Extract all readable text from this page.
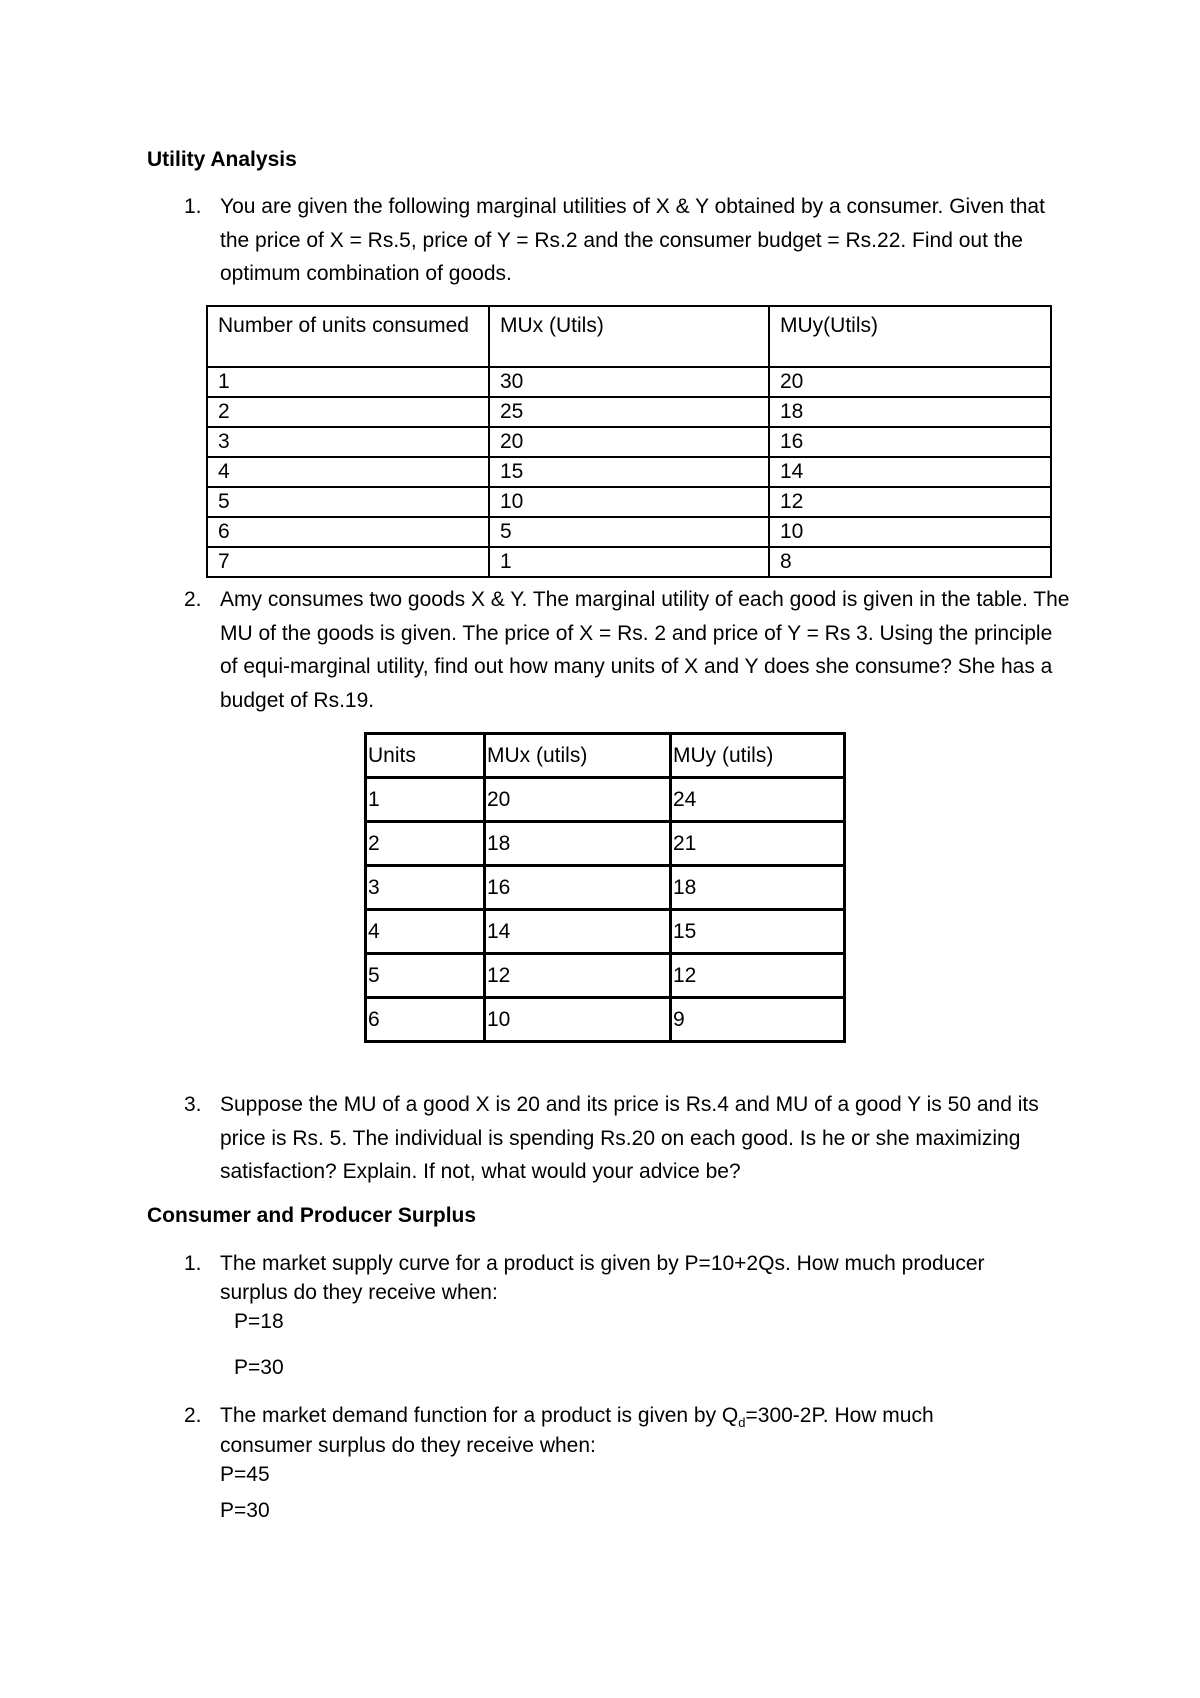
Utility Analysis
1. You are given the following marginal utilities of X & Y obtained by a consumer. Given that the price of X = Rs.5, price of Y = Rs.2 and the consumer budget = Rs.22. Find out the optimum combination of goods.
Number of units consumed	MUx (Utils)	MUy(Utils)
1	30	20
2	25	18
3	20	16
4	15	14
5	10	12
6	5	10
7	1	8
2. Amy consumes two goods X & Y. The marginal utility of each good is given in the table. The MU of the goods is given. The price of X = Rs. 2 and price of Y = Rs 3. Using the principle of equi-marginal utility, find out how many units of X and Y does she consume? She has a budget of Rs.19.
Units	MUx (utils)	MUy (utils)
1	20	24
2	18	21
3	16	18
4	14	15
5	12	12
6	10	9
3. Suppose the MU of a good X is 20 and its price is Rs.4 and MU of a good Y is 50 and its price is Rs. 5. The individual is spending Rs.20 on each good. Is he or she maximizing satisfaction? Explain. If not, what would your advice be?
Consumer and Producer Surplus
1. The market supply curve for a product is given by P=10+2Qs. How much producer
surplus do they receive when:
P=18
P=30
2. The market demand function for a product is given by $Q_d=300-2P$. How much
consumer surplus do they receive when:
P=45
P=30
